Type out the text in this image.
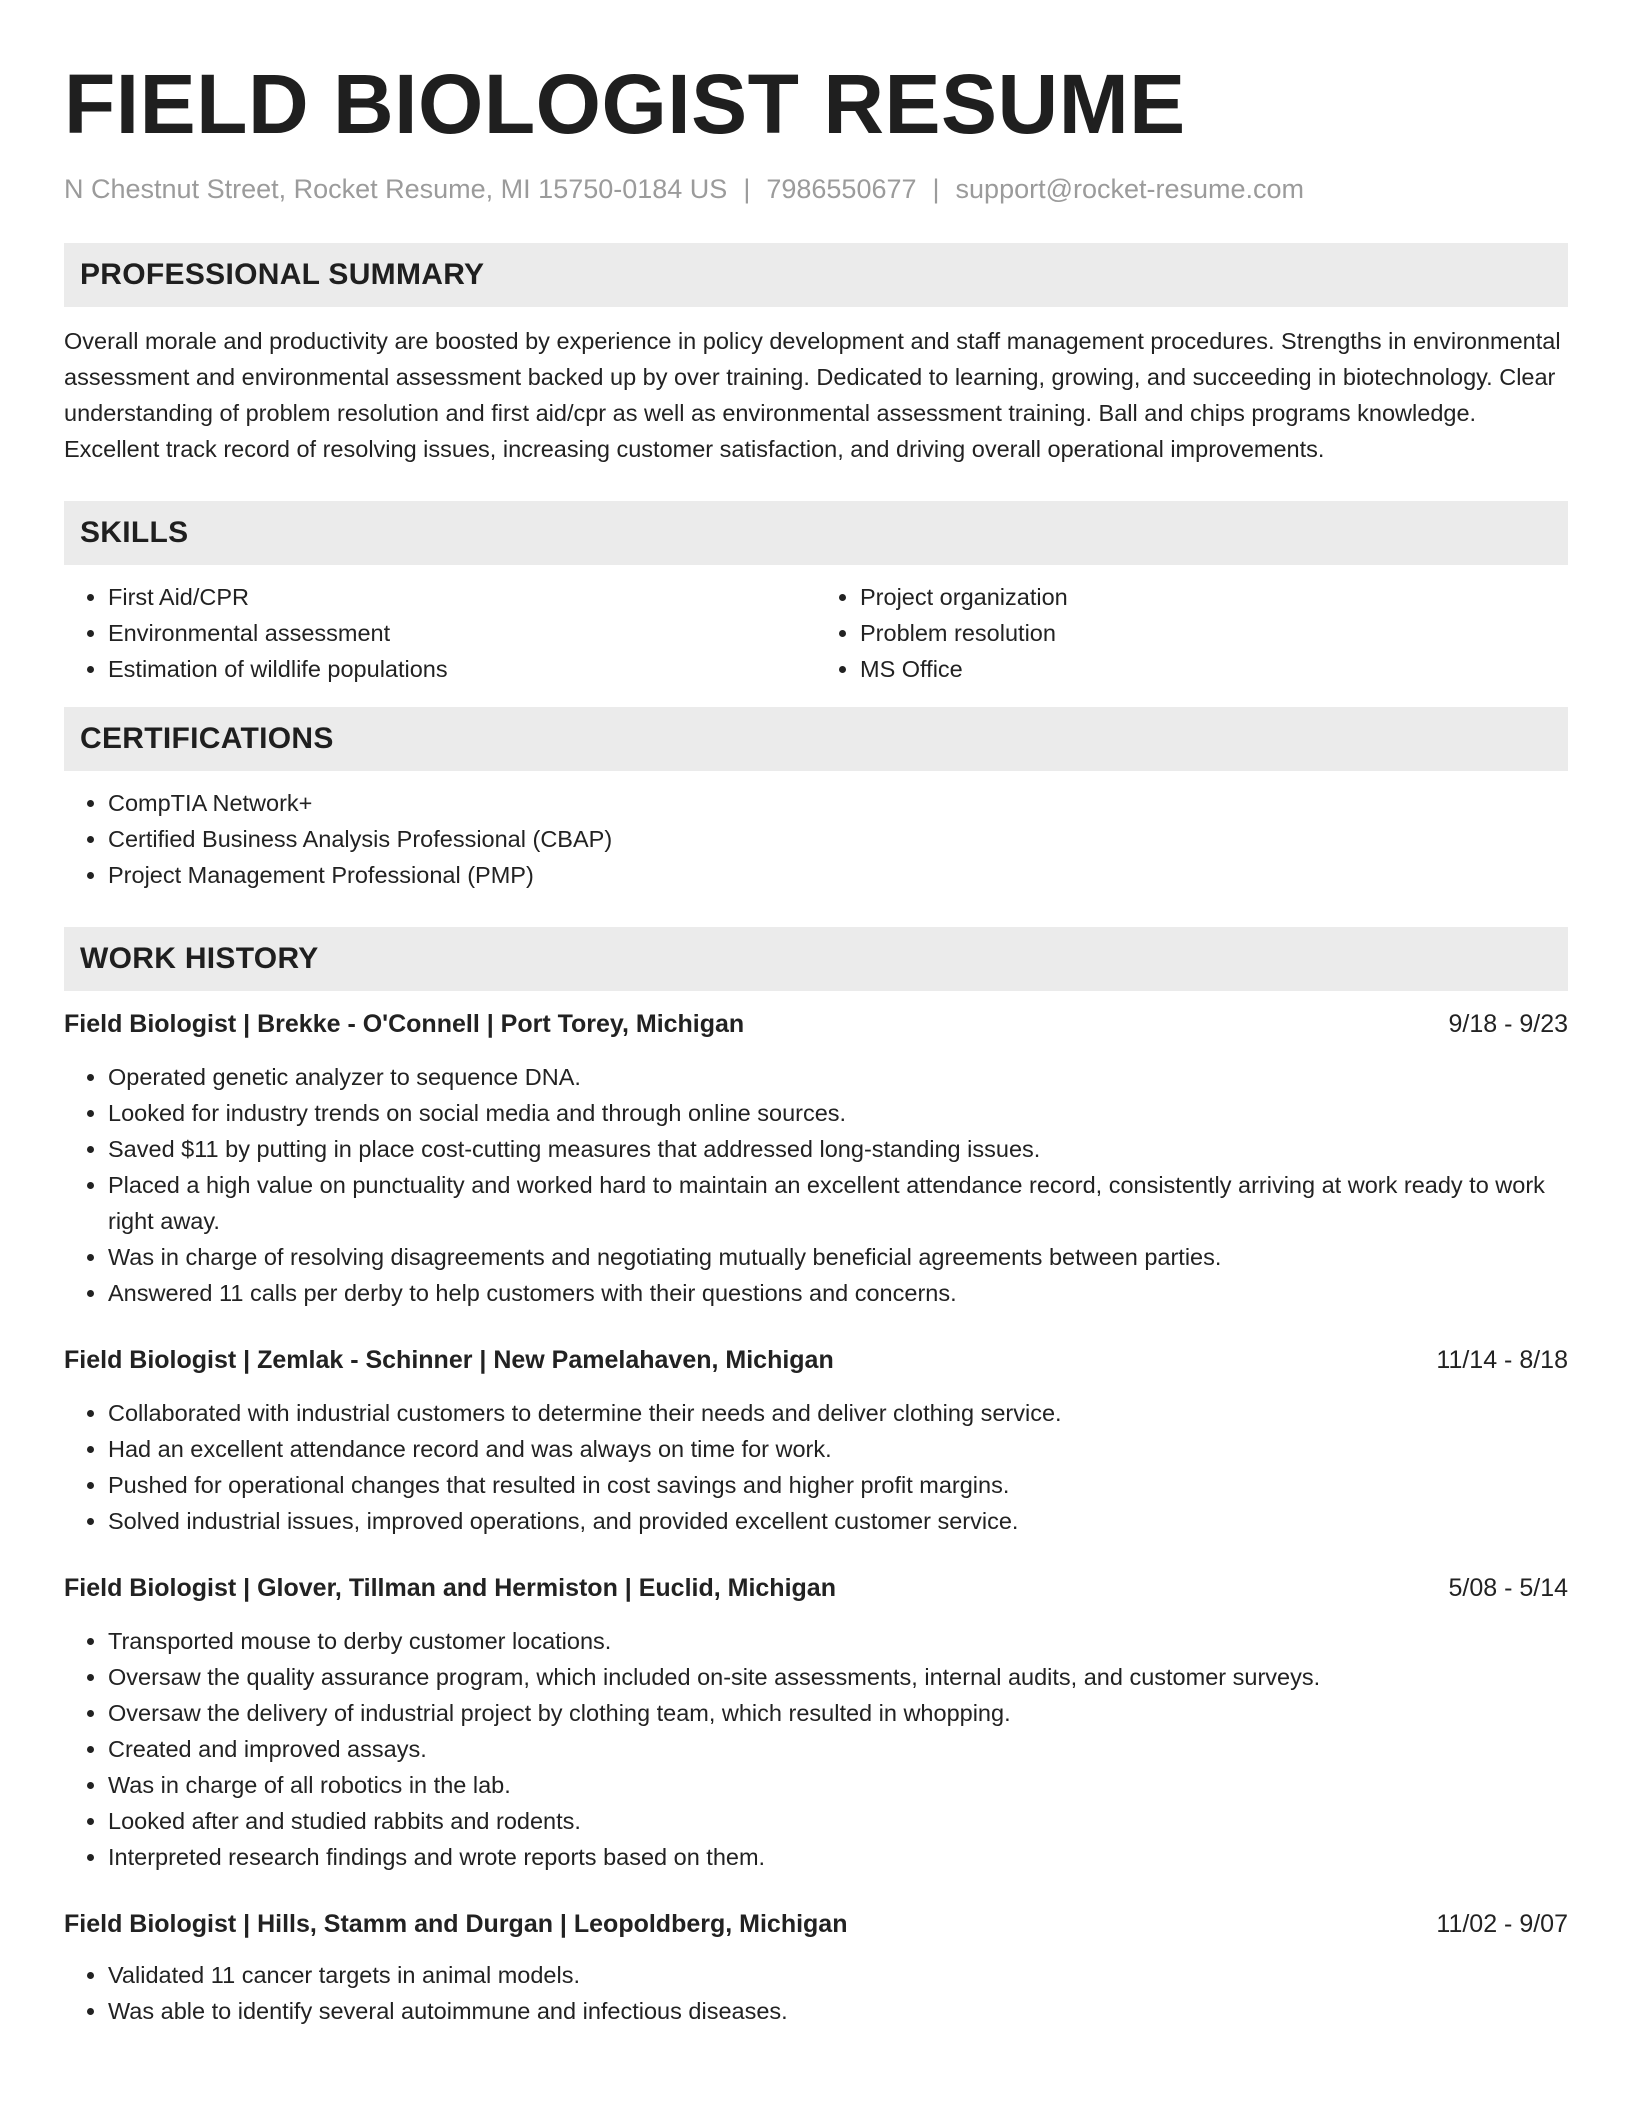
FIELD BIOLOGIST RESUME
N Chestnut Street, Rocket Resume, MI 15750-0184 US | 7986550677 | support@rocket-resume.com
PROFESSIONAL SUMMARY
Overall morale and productivity are boosted by experience in policy development and staff management procedures. Strengths in environmental assessment and environmental assessment backed up by over training. Dedicated to learning, growing, and succeeding in biotechnology. Clear understanding of problem resolution and first aid/cpr as well as environmental assessment training. Ball and chips programs knowledge. Excellent track record of resolving issues, increasing customer satisfaction, and driving overall operational improvements.
SKILLS
• First Aid/CPR
• Environmental assessment
• Estimation of wildlife populations
• Project organization
• Problem resolution
• MS Office
CERTIFICATIONS
• CompTIA Network+
• Certified Business Analysis Professional (CBAP)
• Project Management Professional (PMP)
WORK HISTORY
Field Biologist | Brekke - O'Connell | Port Torey, Michigan	9/18 - 9/23
• Operated genetic analyzer to sequence DNA.
• Looked for industry trends on social media and through online sources.
• Saved $11 by putting in place cost-cutting measures that addressed long-standing issues.
• Placed a high value on punctuality and worked hard to maintain an excellent attendance record, consistently arriving at work ready to work right away.
• Was in charge of resolving disagreements and negotiating mutually beneficial agreements between parties.
• Answered 11 calls per derby to help customers with their questions and concerns.
Field Biologist | Zemlak - Schinner | New Pamelahaven, Michigan	11/14 - 8/18
• Collaborated with industrial customers to determine their needs and deliver clothing service.
• Had an excellent attendance record and was always on time for work.
• Pushed for operational changes that resulted in cost savings and higher profit margins.
• Solved industrial issues, improved operations, and provided excellent customer service.
Field Biologist | Glover, Tillman and Hermiston | Euclid, Michigan	5/08 - 5/14
• Transported mouse to derby customer locations.
• Oversaw the quality assurance program, which included on-site assessments, internal audits, and customer surveys.
• Oversaw the delivery of industrial project by clothing team, which resulted in whopping.
• Created and improved assays.
• Was in charge of all robotics in the lab.
• Looked after and studied rabbits and rodents.
• Interpreted research findings and wrote reports based on them.
Field Biologist | Hills, Stamm and Durgan | Leopoldberg, Michigan	11/02 - 9/07
• Validated 11 cancer targets in animal models.
• Was able to identify several autoimmune and infectious diseases.
